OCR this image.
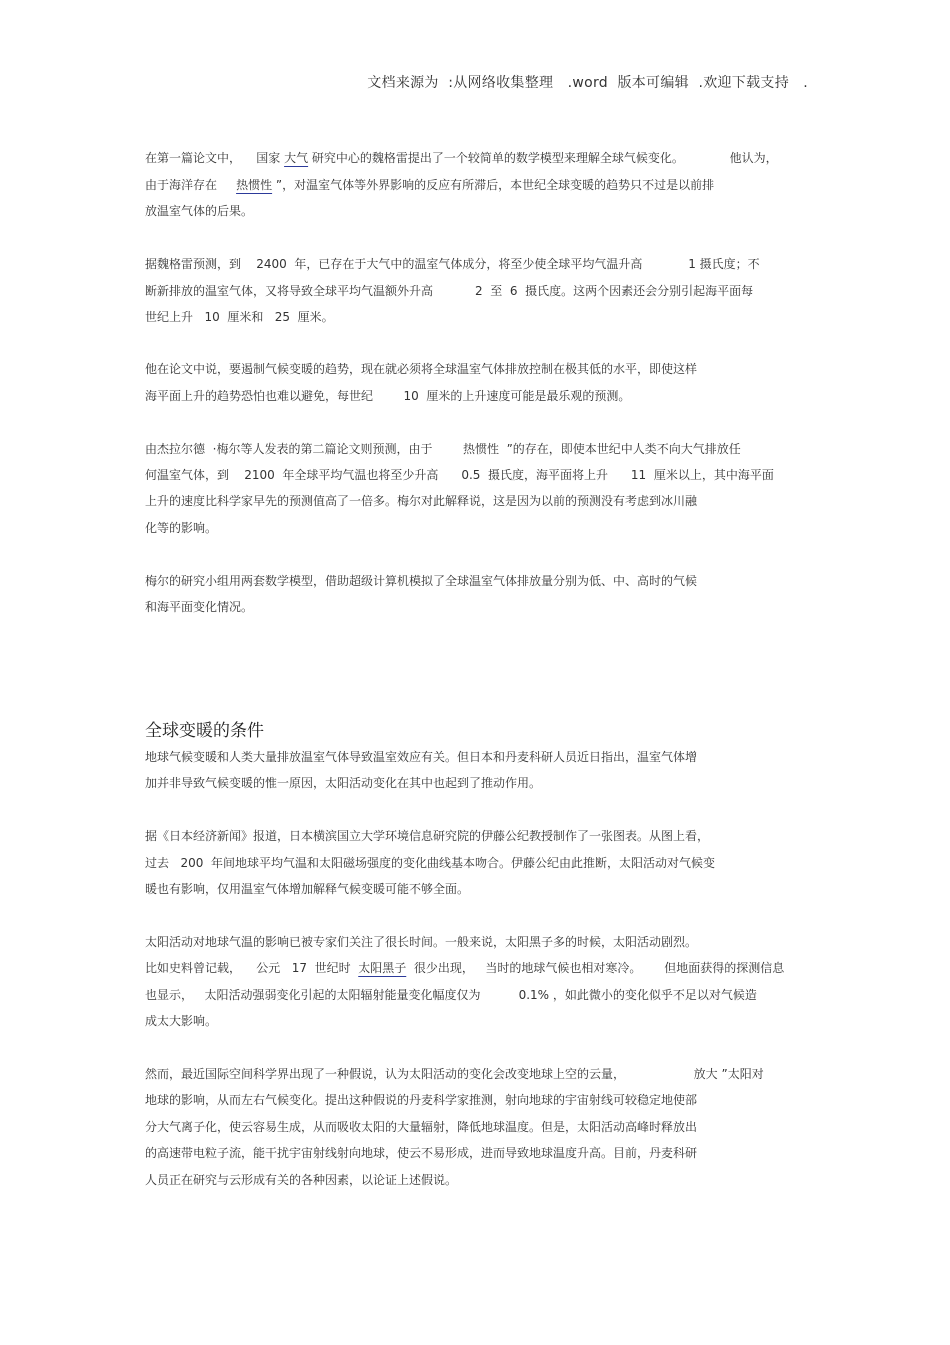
文档来源为  :从网络收集整理   .word  版本可编辑  .欢迎下载支持   .
在第一篇论文中，    国家 大气 研究中心的魏格雷提出了一个较简单的数学模型来理解全球气候变化。            他认为，
由于海洋存在     热惯性 ”，对温室气体等外界影响的反应有所滞后，本世纪全球变暖的趋势只不过是以前排
放温室气体的后果。
据魏格雷预测，到    2400  年，已存在于大气中的温室气体成分，将至少使全球平均气温升高            1 摄氏度；不
断新排放的温室气体，又将导致全球平均气温额外升高           2  至  6  摄氏度。这两个因素还会分别引起海平面每
世纪上升   10  厘米和   25  厘米。
他在论文中说，要遏制气候变暖的趋势，现在就必须将全球温室气体排放控制在极其低的水平，即使这样
海平面上升的趋势恐怕也难以避免，每世纪        10  厘米的上升速度可能是最乐观的预测。
由杰拉尔德  ·梅尔等人发表的第二篇论文则预测，由于        热惯性  ”的存在，即使本世纪中人类不向大气排放任
何温室气体，到    2100  年全球平均气温也将至少升高      0.5  摄氏度，海平面将上升      11  厘米以上，其中海平面
上升的速度比科学家早先的预测值高了一倍多。梅尔对此解释说，这是因为以前的预测没有考虑到冰川融
化等的影响。
梅尔的研究小组用两套数学模型，借助超级计算机模拟了全球温室气体排放量分别为低、中、高时的气候
和海平面变化情况。
全球变暖的条件
地球气候变暖和人类大量排放温室气体导致温室效应有关。但日本和丹麦科研人员近日指出，温室气体增
加并非导致气候变暖的惟一原因，太阳活动变化在其中也起到了推动作用。
据《日本经济新闻》报道，日本横滨国立大学环境信息研究院的伊藤公纪教授制作了一张图表。从图上看，
过去   200  年间地球平均气温和太阳磁场强度的变化曲线基本吻合。伊藤公纪由此推断，太阳活动对气候变
暖也有影响，仅用温室气体增加解释气候变暖可能不够全面。
太阳活动对地球气温的影响已被专家们关注了很长时间。一般来说，太阳黑子多的时候，太阳活动剧烈。
比如史料曾记载，    公元   17  世纪时  太阳黑子  很少出现，   当时的地球气候也相对寒冷。      但地面获得的探测信息
也显示，   太阳活动强弱变化引起的太阳辐射能量变化幅度仅为          0.1% ，如此微小的变化似乎不足以对气候造
成太大影响。
然而，最近国际空间科学界出现了一种假说，认为太阳活动的变化会改变地球上空的云量，                  放大 ”太阳对
地球的影响，从而左右气候变化。提出这种假说的丹麦科学家推测，射向地球的宇宙射线可较稳定地使部
分大气离子化，使云容易生成，从而吸收太阳的大量辐射，降低地球温度。但是，太阳活动高峰时释放出
的高速带电粒子流，能干扰宇宙射线射向地球，使云不易形成，进而导致地球温度升高。目前，丹麦科研
人员正在研究与云形成有关的各种因素，以论证上述假说。
